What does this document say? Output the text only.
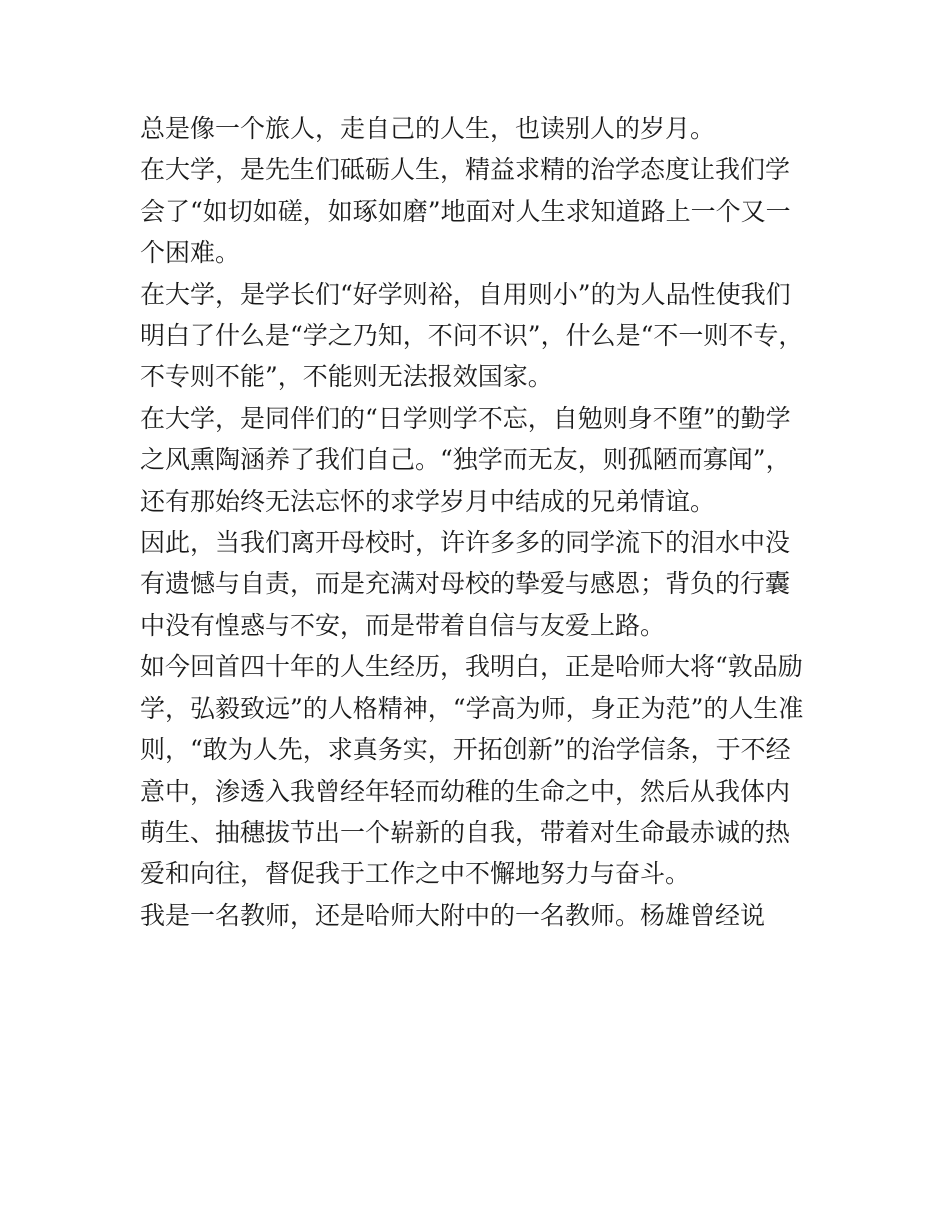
总是像一个旅人，走自己的人生，也读别人的岁月。

在大学，是先生们砥砺人生，精益求精的治学态度让我们学会了“如切如磋，如琢如磨”地面对人生求知道路上一个又一个困难。

在大学，是学长们“好学则裕，自用则小”的为人品性使我们明白了什么是“学之乃知，不问不识”，什么是“不一则不专，不专则不能”，不能则无法报效国家。

在大学，是同伴们的“日学则学不忘，自勉则身不堕”的勤学之风熏陶涵养了我们自己。“独学而无友，则孤陋而寡闻”，还有那始终无法忘怀的求学岁月中结成的兄弟情谊。

因此，当我们离开母校时，许许多多的同学流下的泪水中没有遗憾与自责，而是充满对母校的挚爱与感恩；背负的行囊中没有惶惑与不安，而是带着自信与友爱上路。

如今回首四十年的人生经历，我明白，正是哈师大将“敦品励学，弘毅致远”的人格精神，“学高为师，身正为范”的人生准则，“敢为人先，求真务实，开拓创新”的治学信条，于不经意中，渗透入我曾经年轻而幼稚的生命之中，然后从我体内萌生、抽穗拔节出一个崭新的自我，带着对生命最赤诚的热爱和向往，督促我于工作之中不懈地努力与奋斗。

我是一名教师，还是哈师大附中的一名教师。杨雄曾经说
